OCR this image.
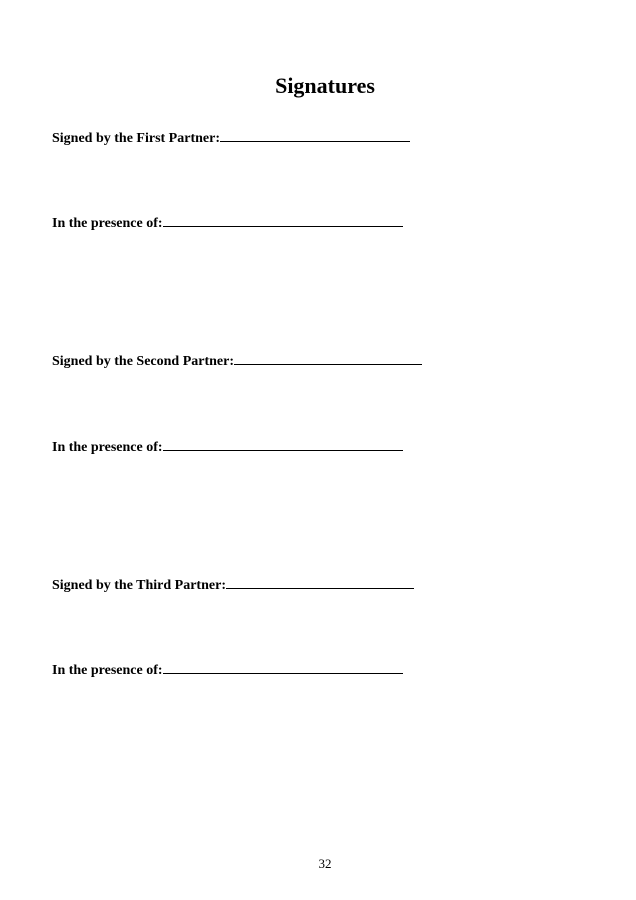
Signatures
Signed by the First Partner:
In the presence of:
Signed by the Second Partner:
In the presence of:
Signed by the Third Partner:
In the presence of:
32
